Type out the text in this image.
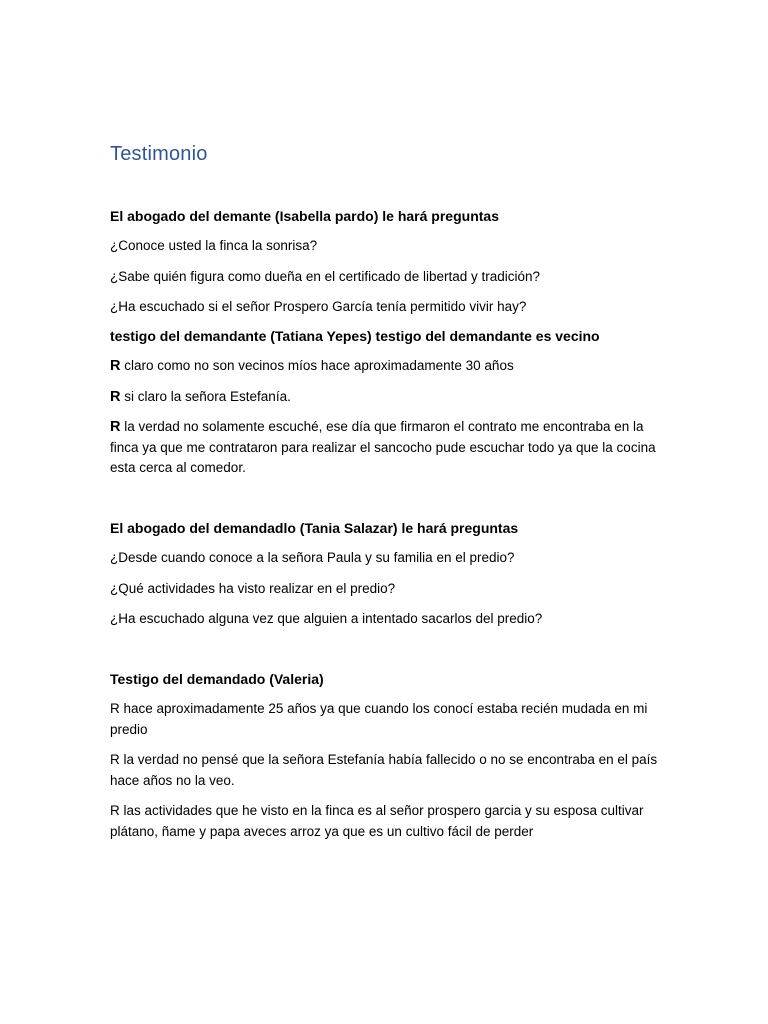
Testimonio

El abogado del demante (Isabella pardo) le hará preguntas

¿Conoce usted la finca la sonrisa?

¿Sabe quién figura como dueña en el certificado de libertad y tradición?

¿Ha escuchado si el señor Prospero García tenía permitido vivir hay?

testigo del demandante (Tatiana Yepes) testigo del demandante es vecino

R claro como no son vecinos míos hace aproximadamente 30 años

R si claro la señora Estefanía.

R la verdad no solamente escuché, ese día que firmaron el contrato me encontraba en la finca ya que me contrataron para realizar el sancocho pude escuchar todo ya que la cocina esta cerca al comedor.

El abogado del demandadlo (Tania Salazar) le hará preguntas

¿Desde cuando conoce a la señora Paula y su familia en el predio?

¿Qué actividades ha visto realizar en el predio?

¿Ha escuchado alguna vez que alguien a intentado sacarlos del predio?

Testigo del demandado (Valeria)

R hace aproximadamente 25 años ya que cuando los conocí estaba recién mudada en mi predio

R la verdad no pensé que la señora Estefanía había fallecido o no se encontraba en el país hace años no la veo.

R las actividades que he visto en la finca es al señor prospero garcia y su esposa cultivar plátano, ñame y papa aveces arroz ya que es un cultivo fácil de perder
